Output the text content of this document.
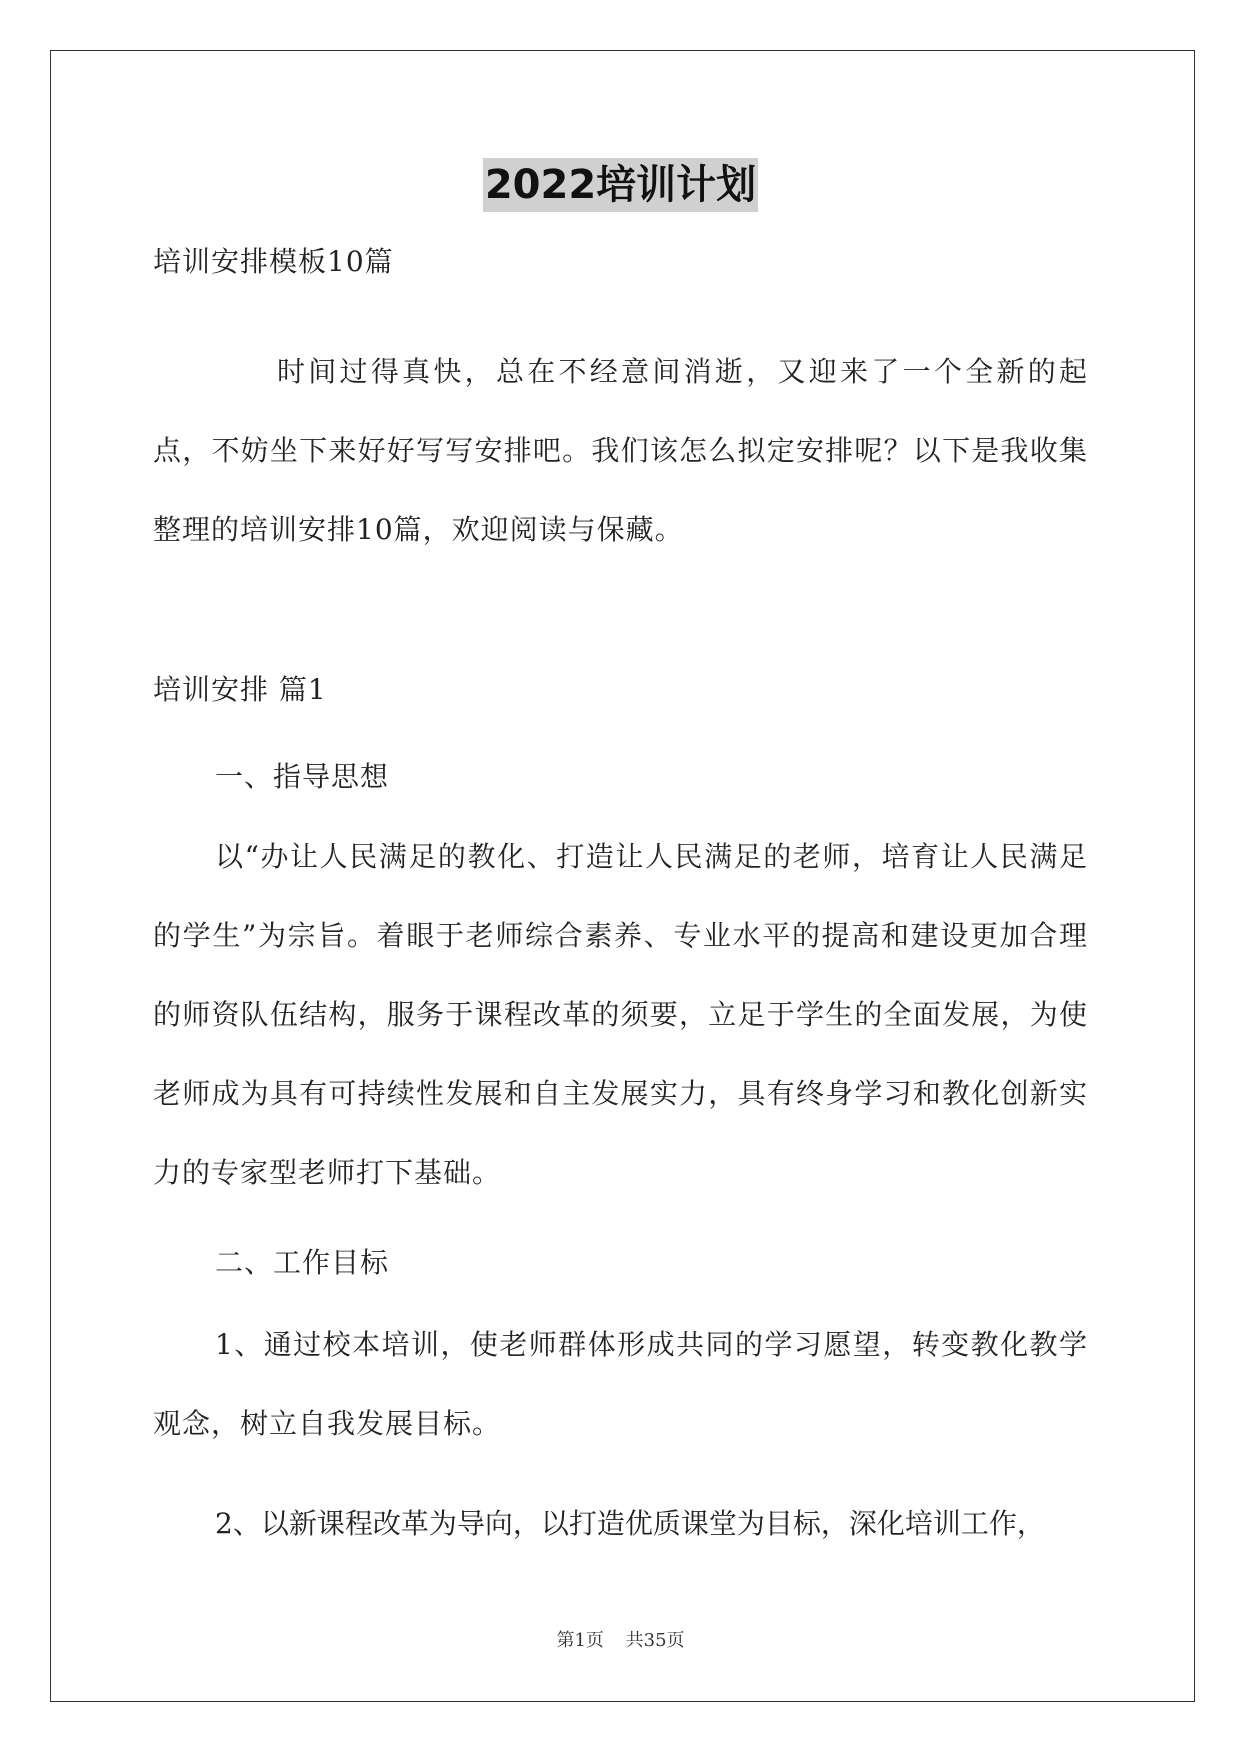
2022培训计划

培训安排模板10篇

时间过得真快，总在不经意间消逝，又迎来了一个全新的起点，不妨坐下来好好写写安排吧。我们该怎么拟定安排呢？以下是我收集整理的培训安排10篇，欢迎阅读与保藏。

培训安排 篇1

一、指导思想

以“办让人民满足的教化、打造让人民满足的老师，培育让人民满足的学生”为宗旨。着眼于老师综合素养、专业水平的提高和建设更加合理的师资队伍结构，服务于课程改革的须要，立足于学生的全面发展，为使老师成为具有可持续性发展和自主发展实力，具有终身学习和教化创新实力的专家型老师打下基础。

二、工作目标

1、通过校本培训，使老师群体形成共同的学习愿望，转变教化教学观念，树立自我发展目标。

2、以新课程改革为导向，以打造优质课堂为目标，深化培训工作，

第1页 共35页
